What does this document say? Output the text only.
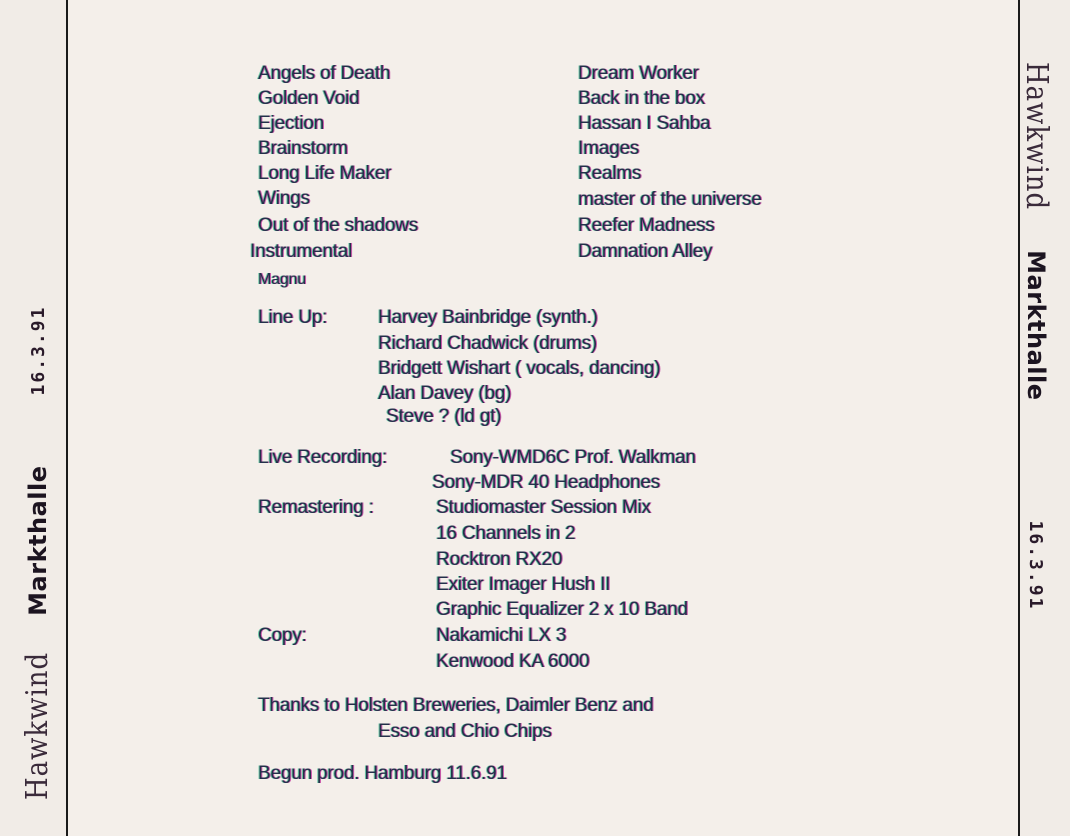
Hawkwind
Markthalle
16.3.91
Hawkwind
Markthalle
16.3.91

Angels of Death

Golden Void

Ejection

Brainstorm

Long Life Maker

Wings

Out of the shadows

Instrumental

Magnu

Dream Worker

Back in the box

Hassan I Sahba

Images

Realms

master of the universe

Reefer Madness

Damnation Alley

Line Up:	Harvey Bainbridge (synth.)

Richard Chadwick (drums)

Bridgett Wishart ( vocals, dancing)

Alan Davey (bg)

Steve ? (ld gt)

Live Recording:	Sony-WMD6C Prof. Walkman

Sony-MDR 40 Headphones

Remastering :	Studiomaster Session Mix

16 Channels in 2

Rocktron RX20

Exiter Imager Hush II

Graphic Equalizer 2 x 10 Band

Copy:	Nakamichi LX 3

Kenwood KA 6000

Thanks to Holsten Breweries, Daimler Benz and

Esso and Chio Chips

Begun prod. Hamburg 11.6.91
